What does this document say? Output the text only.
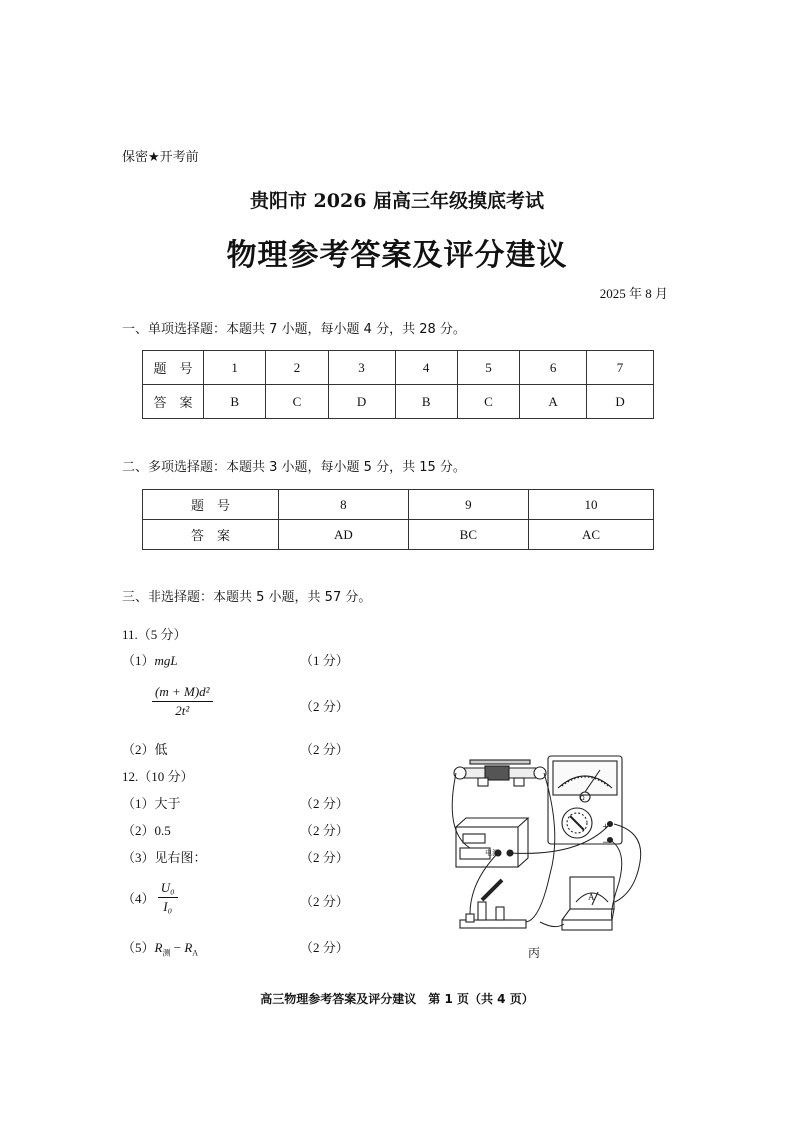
保密★开考前
贵阳市 2026 届高三年级摸底考试
物理参考答案及评分建议
2025 年 8 月
一、单项选择题：本题共 7 小题，每小题 4 分，共 28 分。
题　号	1	2	3	4	5	6	7
答　案	B	C	D	B	C	A	D
二、多项选择题：本题共 3 小题，每小题 5 分，共 15 分。
题　号	8	9	10
答　案	AD	BC	AC
三、非选择题：本题共 5 小题，共 57 分。
11.（5 分）
（1）mgL	（1 分）
$\frac{\text{(m + M)d²}}{\text{2t²}}$	（2 分）
（2）低	（2 分）
12.（10 分）
（1）大于	（2 分）
（2）0.5	（2 分）
（3）见右图：	（2 分）
$(4) \frac{\text{U₀}}{\text{I₀}}$	（2 分）
$(5)R_测 - R_A$	（2 分）
+
−
电源
A
Ω
丙
高三物理参考答案及评分建议　第 1 页（共 4 页）
